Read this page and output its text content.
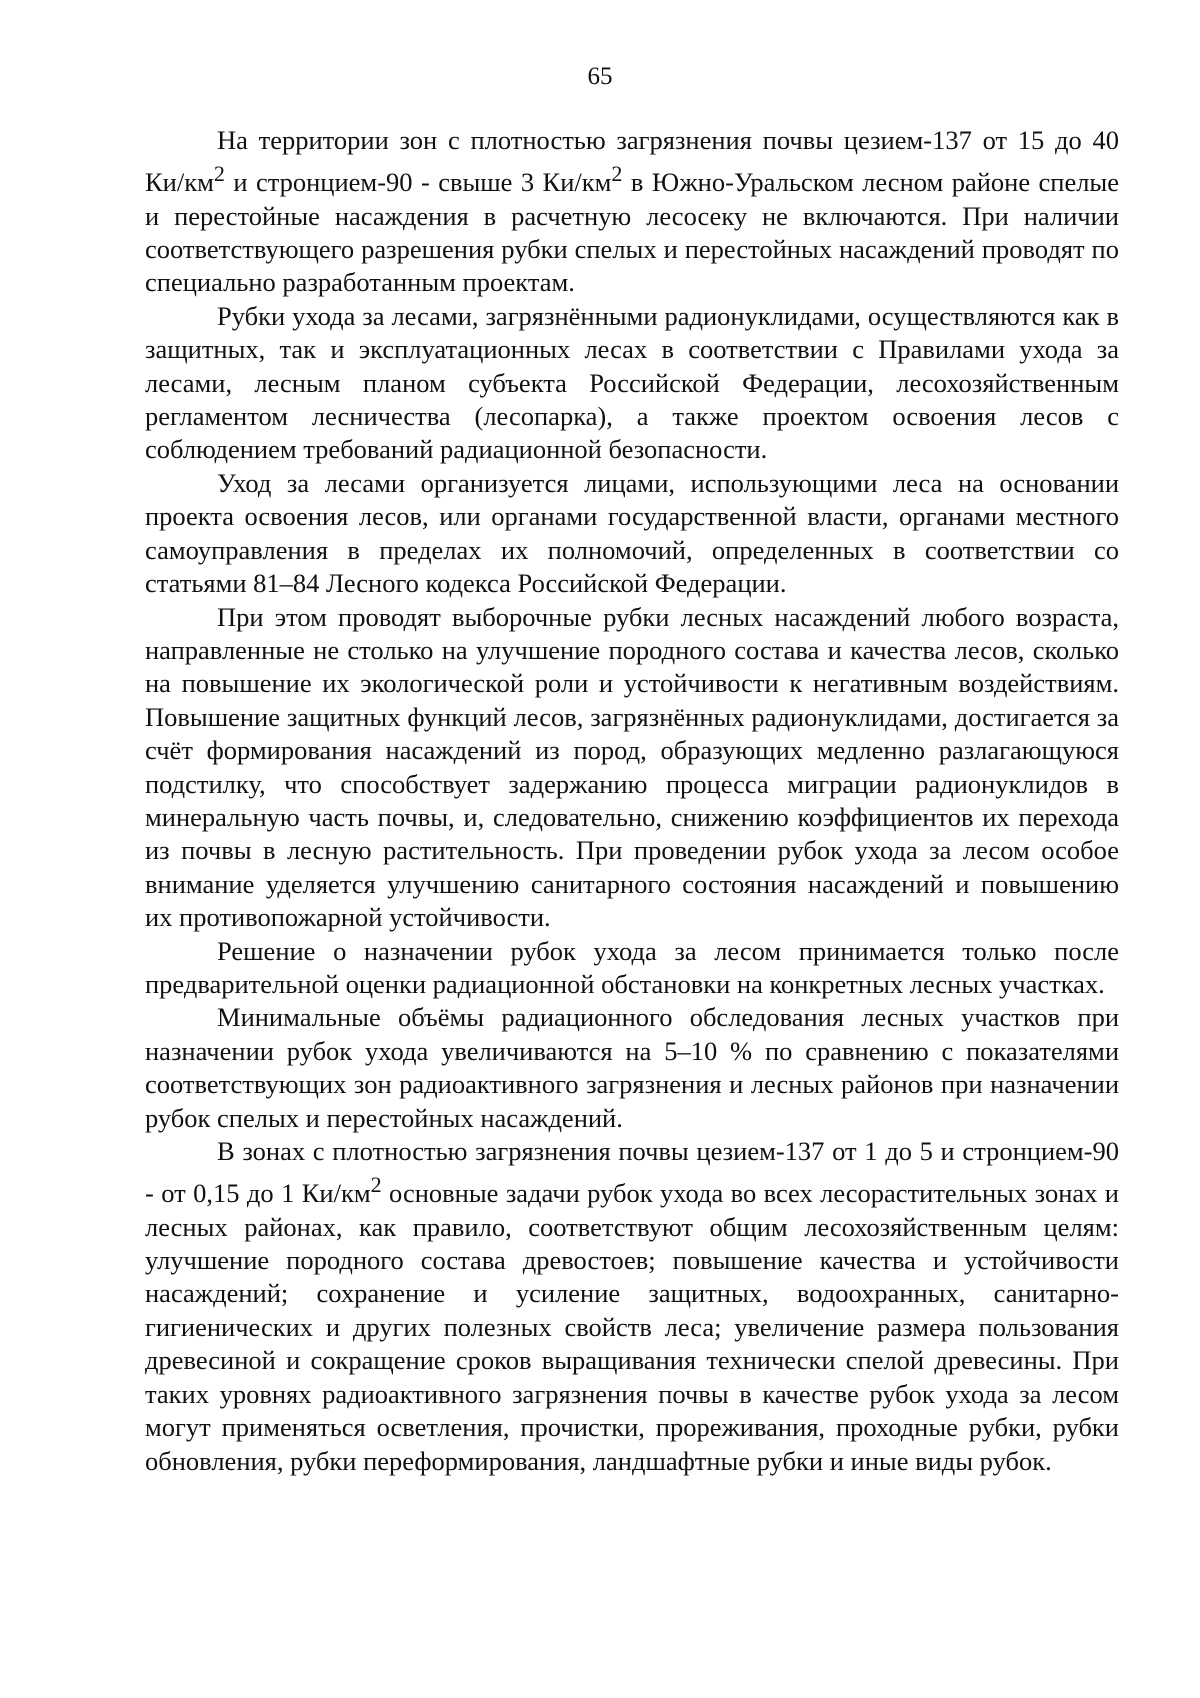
65

На территории зон с плотностью загрязнения почвы цезием-137 от 15 до 40 $Ки/км^2$ и стронцием-90 - свыше 3 $Ки/км^2$ в Южно-Уральском лесном районе спелые и перестойные насаждения в расчетную лесосеку не включаются. При наличии соответствующего разрешения рубки спелых и перестойных насаждений проводят по специально разработанным проектам.

Рубки ухода за лесами, загрязнёнными радионуклидами, осуществляются как в защитных, так и эксплуатационных лесах в соответствии с Правилами ухода за лесами, лесным планом субъекта Российской Федерации, лесохозяйственным регламентом лесничества (лесопарка), а также проектом освоения лесов с соблюдением требований радиационной безопасности.

Уход за лесами организуется лицами, использующими леса на основании проекта освоения лесов, или органами государственной власти, органами местного самоуправления в пределах их полномочий, определенных в соответствии со статьями 81–84 Лесного кодекса Российской Федерации.

При этом проводят выборочные рубки лесных насаждений любого возраста, направленные не столько на улучшение породного состава и качества лесов, сколько на повышение их экологической роли и устойчивости к негативным воздействиям. Повышение защитных функций лесов, загрязнённых радионуклидами, достигается за счёт формирования насаждений из пород, образующих медленно разлагающуюся подстилку, что способствует задержанию процесса миграции радионуклидов в минеральную часть почвы, и, следовательно, снижению коэффициентов их перехода из почвы в лесную растительность. При проведении рубок ухода за лесом особое внимание уделяется улучшению санитарного состояния насаждений и повышению их противопожарной устойчивости.

Решение о назначении рубок ухода за лесом принимается только после предварительной оценки радиационной обстановки на конкретных лесных участках.

Минимальные объёмы радиационного обследования лесных участков при назначении рубок ухода увеличиваются на 5–10 % по сравнению с показателями соответствующих зон радиоактивного загрязнения и лесных районов при назначении рубок спелых и перестойных насаждений.

В зонах с плотностью загрязнения почвы цезием-137 от 1 до 5 и стронцием-90 - от 0,15 до 1 $Ки/км^2$ основные задачи рубок ухода во всех лесорастительных зонах и лесных районах, как правило, соответствуют общим лесохозяйственным целям: улучшение породного состава древостоев; повышение качества и устойчивости насаждений; сохранение и усиление защитных, водоохранных, санитарно-гигиенических и других полезных свойств леса; увеличение размера пользования древесиной и сокращение сроков выращивания технически спелой древесины. При таких уровнях радиоактивного загрязнения почвы в качестве рубок ухода за лесом могут применяться осветления, прочистки, прореживания, проходные рубки, рубки обновления, рубки переформирования, ландшафтные рубки и иные виды рубок.
